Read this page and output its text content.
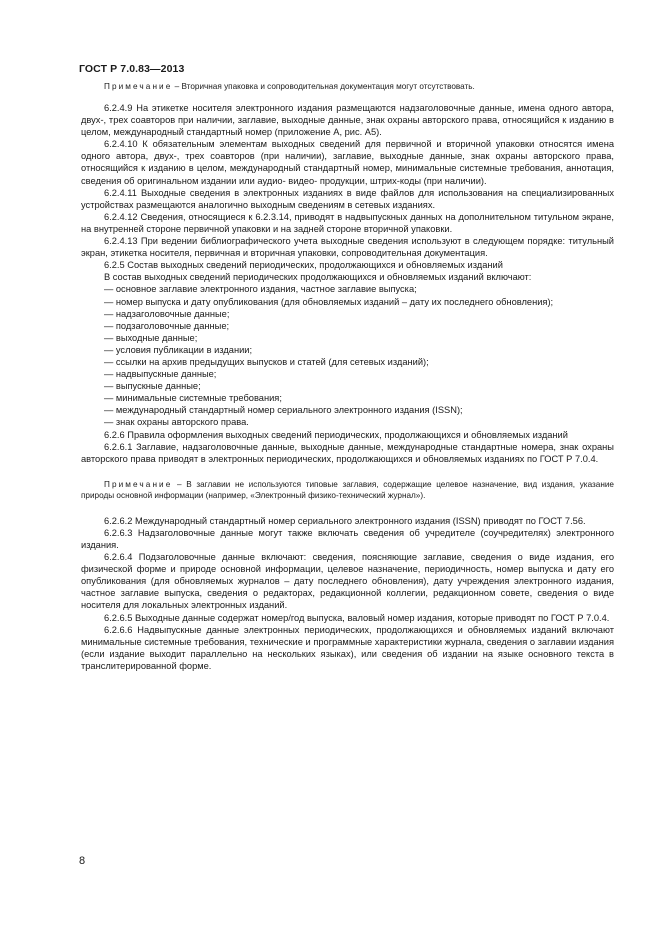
ГОСТ Р 7.0.83—2013

Примечание – Вторичная упаковка и сопроводительная документация могут отсутствовать.

6.2.4.9 На этикетке носителя электронного издания размещаются надзаголовочные данные, имена одного автора, двух-, трех соавторов при наличии, заглавие, выходные данные, знак охраны авторского права, относящийся к изданию в целом, международный стандартный номер (приложение А, рис. А5).

6.2.4.10 К обязательным элементам выходных сведений для первичной и вторичной упаковки относятся имена одного автора, двух-, трех соавторов (при наличии), заглавие, выходные данные, знак охраны авторского права, относящийся к изданию в целом, международный стандартный номер, минимальные системные требования, аннотация, сведения об оригинальном издании или аудио- видео- продукции, штрих-коды (при наличии).

6.2.4.11 Выходные сведения в электронных изданиях в виде файлов для использования на специализированных устройствах размещаются аналогично выходным сведениям в сетевых изданиях.

6.2.4.12 Сведения, относящиеся к 6.2.3.14, приводят в надвыпускных данных на дополнительном титульном экране, на внутренней стороне первичной упаковки и на задней стороне вторичной упаковки.

6.2.4.13 При ведении библиографического учета выходные сведения используют в следующем порядке: титульный экран, этикетка носителя, первичная и вторичная упаковки, сопроводительная документация.

6.2.5 Состав выходных сведений периодических, продолжающихся и обновляемых изданий

В состав выходных сведений периодических продолжающихся и обновляемых изданий включают:

— основное заглавие электронного издания, частное заглавие выпуска;

— номер выпуска и дату опубликования (для обновляемых изданий – дату их последнего обновления);

— надзаголовочные данные;

— подзаголовочные данные;

— выходные данные;

— условия публикации в издании;

— ссылки на архив предыдущих выпусков и статей (для сетевых изданий);

— надвыпускные данные;

— выпускные данные;

— минимальные системные требования;

— международный стандартный номер сериального электронного издания (ISSN);

— знак охраны авторского права.

6.2.6 Правила оформления выходных сведений периодических, продолжающихся и обновляемых изданий

6.2.6.1 Заглавие, надзаголовочные данные, выходные данные, международные стандартные номера, знак охраны авторского права приводят в электронных периодических, продолжающихся и обновляемых изданиях по ГОСТ Р 7.0.4.

Примечание – В заглавии не используются типовые заглавия, содержащие целевое назначение, вид издания, указание природы основной информации (например, «Электронный физико-технический журнал»).

6.2.6.2 Международный стандартный номер сериального электронного издания (ISSN) приводят по ГОСТ 7.56.

6.2.6.3 Надзаголовочные данные могут также включать сведения об учредителе (соучредителях) электронного издания.

6.2.6.4 Подзаголовочные данные включают: сведения, поясняющие заглавие, сведения о виде издания, его физической форме и природе основной информации, целевое назначение, периодичность, номер выпуска и дату его опубликования (для обновляемых журналов – дату последнего обновления), дату учреждения электронного издания, частное заглавие выпуска, сведения о редакторах, редакционной коллегии, редакционном совете, сведения о виде носителя для локальных электронных изданий.

6.2.6.5 Выходные данные содержат номер/год выпуска, валовый номер издания, которые приводят по ГОСТ Р 7.0.4.

6.2.6.6 Надвыпускные данные электронных периодических, продолжающихся и обновляемых изданий включают минимальные системные требования, технические и программные характеристики журнала, сведения о заглавии издания (если издание выходит параллельно на нескольких языках), или сведения об издании на языке основного текста в транслитерированной форме.

8
